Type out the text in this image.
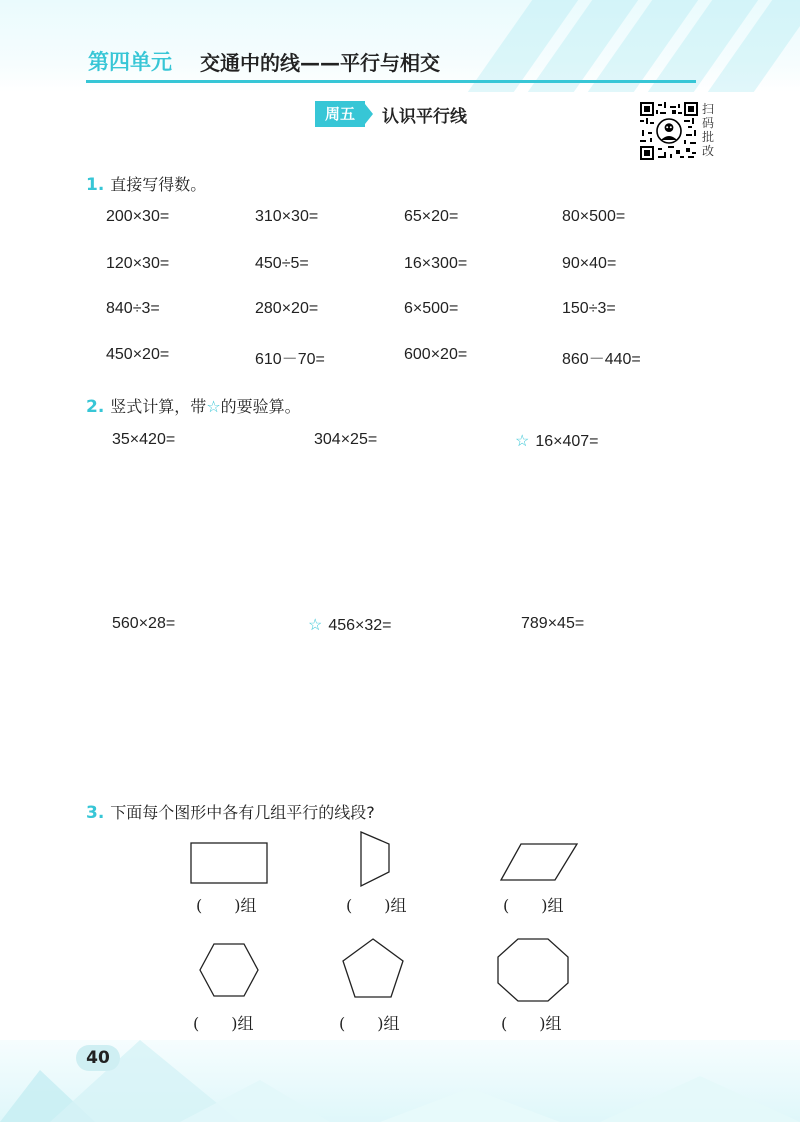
第四单元 交通中的线——平行与相交
周五	认识平行线	扫码批改
1. 直接写得数。
200×30=	310×30=	65×20=	80×500=
120×30=	450÷5=	16×300=	90×40=
840÷3=	280×20=	6×500=	150÷3=
450×20=	610－70=	600×20=	860－440=
2. 竖式计算，带☆的要验算。
35×420=	304×25=	☆ 16×407=
560×28=	☆ 456×32=	789×45=
3. 下面每个图形中各有几组平行的线段?
(　　)组	(　　)组	(　　)组
(　　)组	(　　)组	(　　)组
40
